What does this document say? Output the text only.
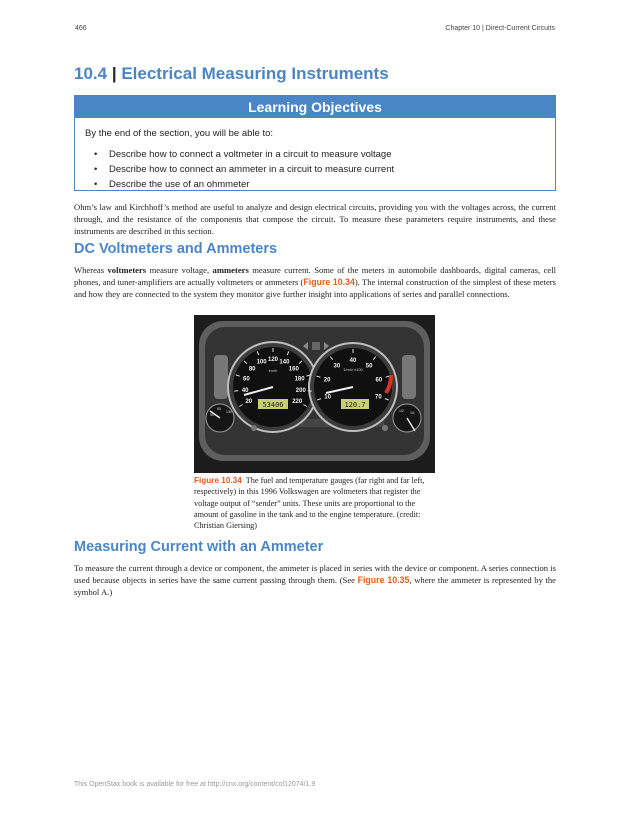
466	Chapter 10 | Direct-Current Circuits
10.4 | Electrical Measuring Instruments
Learning Objectives
By the end of the section, you will be able to:
• Describe how to connect a voltmeter in a circuit to measure voltage
• Describe how to connect an ammeter in a circuit to measure current
• Describe the use of an ohmmeter
Ohm’s law and Kirchhoff’s method are useful to analyze and design electrical circuits, providing you with the voltages across, the current through, and the resistance of the components that compose the circuit. To measure these parameters require instruments, and these instruments are described in this section.
DC Voltmeters and Ammeters
Whereas voltmeters measure voltage, ammeters measure current. Some of the meters in automobile dashboards, digital cameras, cell phones, and tuner-amplifiers are actually voltmeters or ammeters (Figure 10.34). The internal construction of the simplest of these meters and how they are connected to the system they monitor give further insight into applications of series and parallel connections.
20
40
60
80
100 120 140
160
180
200
220
10
20
30
40
50
60
70
km/h	1/min x100
53406	120.7
50
90
130	1/2 1/1
Figure 10.34 The fuel and temperature gauges (far right and far left, respectively) in this 1996 Volkswagen are voltmeters that register the voltage output of “sender” units. These units are proportional to the amount of gasoline in the tank and to the engine temperature. (credit: Christian Giersing)
Measuring Current with an Ammeter
To measure the current through a device or component, the ammeter is placed in series with the device or component. A series connection is used because objects in series have the same current passing through them. (See Figure 10.35, where the ammeter is represented by the symbol A.)
This OpenStax book is available for free at http://cnx.org/content/col12074/1.9
